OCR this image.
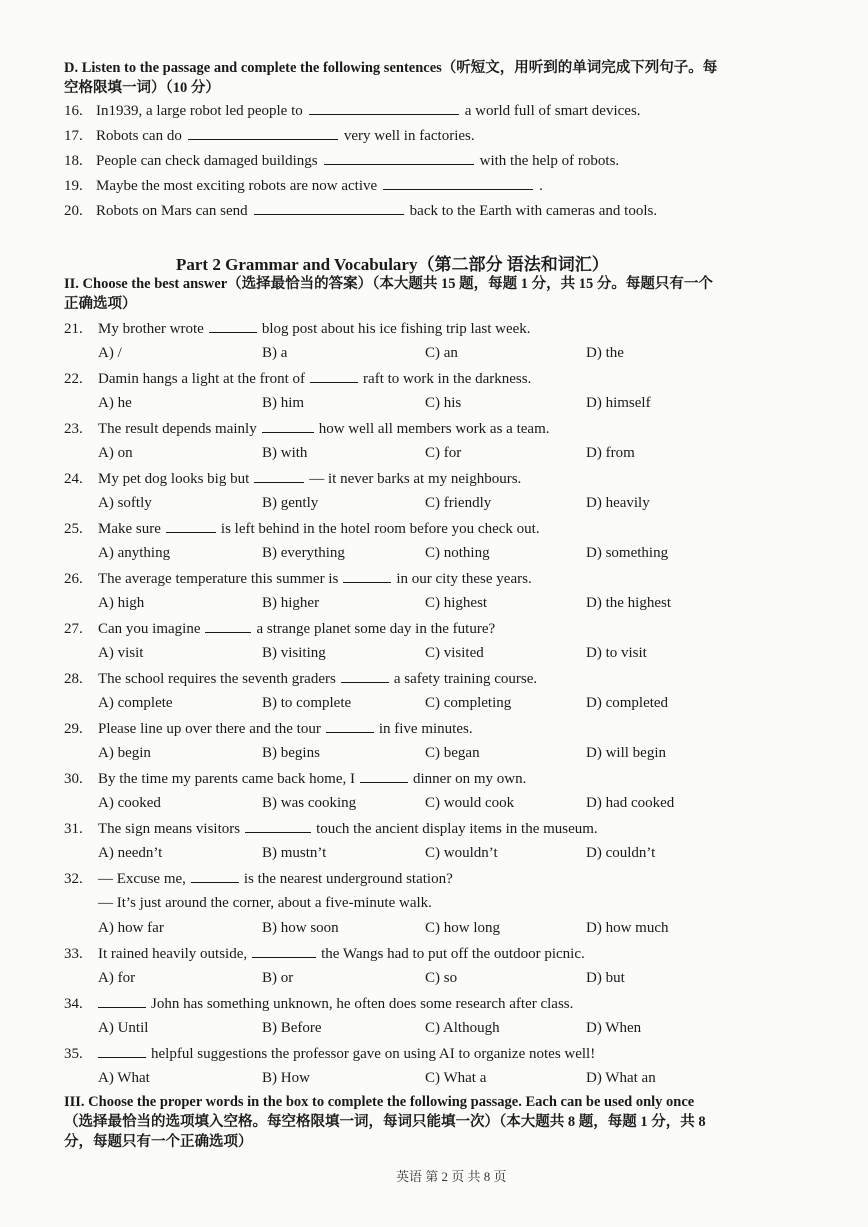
D. Listen to the passage and complete the following sentences（听短文，用听到的单词完成下列句子。每
空格限填一词）（10 分）
16. In1939, a large robot led people to	a world full of smart devices.
17. Robots can do	very well in factories.
18. People can check damaged buildings	with the help of robots.
19. Maybe the most exciting robots are now active	.
20. Robots on Mars can send	back to the Earth with cameras and tools.
Part 2 Grammar and Vocabulary（第二部分 语法和词汇）
II. Choose the best answer（选择最恰当的答案）（本大题共 15 题，每题 1 分，共 15 分。每题只有一个
正确选项）
21. My brother wrote	blog post about his ice fishing trip last week.
A) /	B) a	C) an	D) the
22. Damin hangs a light at the front of	raft to work in the darkness.
A) he	B) him	C) his	D) himself
23. The result depends mainly	how well all members work as a team.
A) on	B) with	C) for	D) from
24. My pet dog looks big but	— it never barks at my neighbours.
A) softly	B) gently	C) friendly	D) heavily
25. Make sure	is left behind in the hotel room before you check out.
A) anything	B) everything	C) nothing	D) something
26. The average temperature this summer is	in our city these years.
A) high	B) higher	C) highest	D) the highest
27. Can you imagine	a strange planet some day in the future?
A) visit	B) visiting	C) visited	D) to visit
28. The school requires the seventh graders	a safety training course.
A) complete	B) to complete	C) completing	D) completed
29. Please line up over there and the tour	in five minutes.
A) begin	B) begins	C) began	D) will begin
30. By the time my parents came back home, I	dinner on my own.
A) cooked	B) was cooking	C) would cook	D) had cooked
31. The sign means visitors	touch the ancient display items in the museum.
A) needn’t	B) mustn’t	C) wouldn’t	D) couldn’t
32. — Excuse me,	is the nearest underground station?
— It’s just around the corner, about a five-minute walk.
A) how far	B) how soon	C) how long	D) how much
33. It rained heavily outside,	the Wangs had to put off the outdoor picnic.
A) for	B) or	C) so	D) but
34.	John has something unknown, he often does some research after class.
A) Until	B) Before	C) Although	D) When
35.	helpful suggestions the professor gave on using AI to organize notes well!
A) What	B) How	C) What a	D) What an
III. Choose the proper words in the box to complete the following passage. Each can be used only once
（选择最恰当的选项填入空格。每空格限填一词，每词只能填一次）（本大题共 8 题，每题 1 分，共 8
分，每题只有一个正确选项）
英语 第 2 页 共 8 页
